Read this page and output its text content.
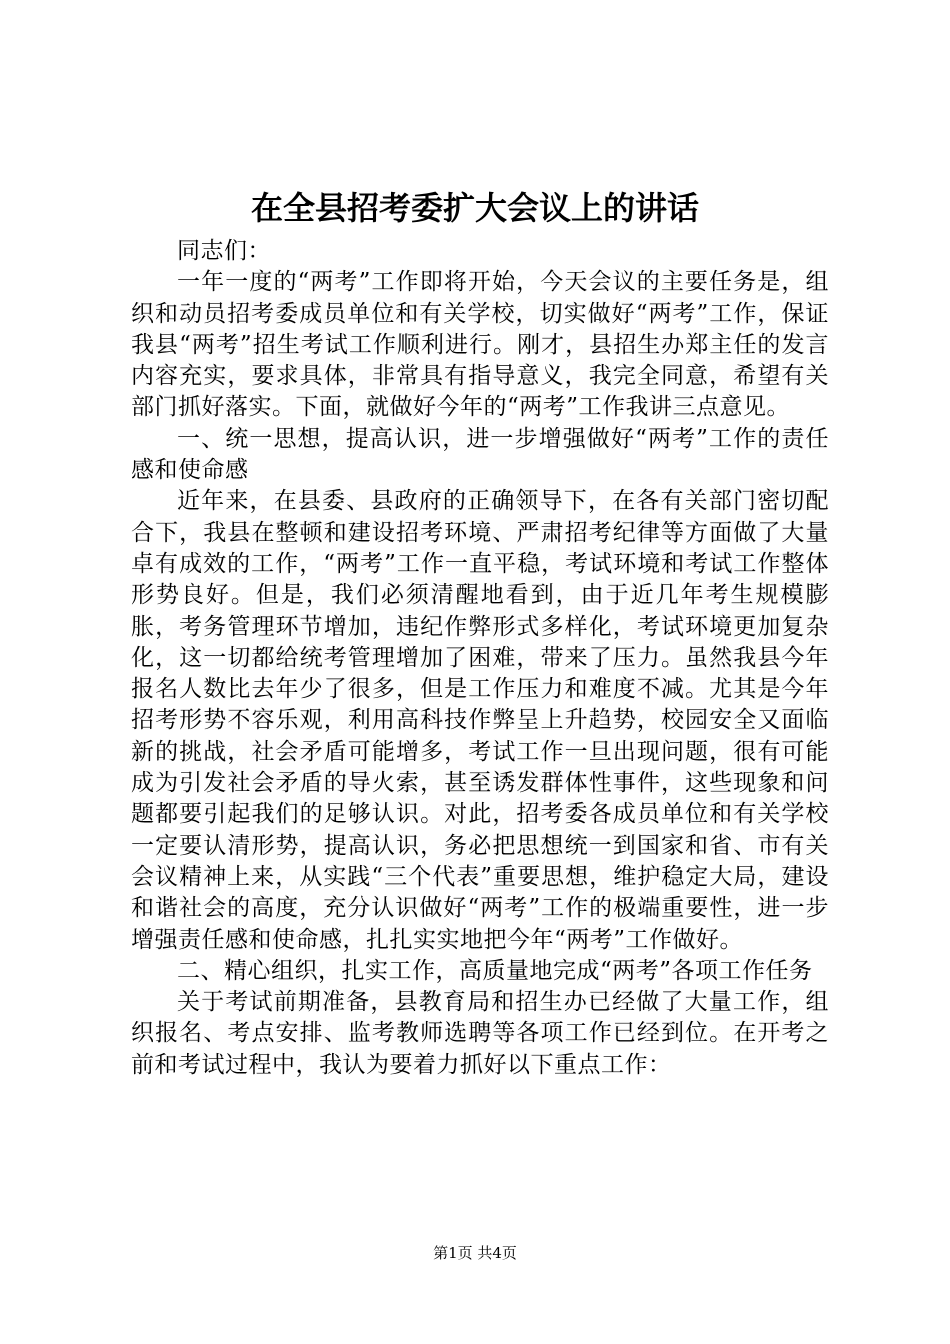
在全县招考委扩大会议上的讲话

同志们：

一年一度的“两考”工作即将开始，今天会议的主要任务是，组织和动员招考委成员单位和有关学校，切实做好“两考”工作，保证我县“两考”招生考试工作顺利进行。刚才，县招生办郑主任的发言内容充实，要求具体，非常具有指导意义，我完全同意，希望有关部门抓好落实。下面，就做好今年的“两考”工作我讲三点意见。

一、统一思想，提高认识，进一步增强做好“两考”工作的责任感和使命感

近年来，在县委、县政府的正确领导下，在各有关部门密切配合下，我县在整顿和建设招考环境、严肃招考纪律等方面做了大量卓有成效的工作，“两考”工作一直平稳，考试环境和考试工作整体形势良好。但是，我们必须清醒地看到，由于近几年考生规模膨胀，考务管理环节增加，违纪作弊形式多样化，考试环境更加复杂化，这一切都给统考管理增加了困难，带来了压力。虽然我县今年报名人数比去年少了很多，但是工作压力和难度不减。尤其是今年招考形势不容乐观，利用高科技作弊呈上升趋势，校园安全又面临新的挑战，社会矛盾可能增多，考试工作一旦出现问题，很有可能成为引发社会矛盾的导火索，甚至诱发群体性事件，这些现象和问题都要引起我们的足够认识。对此，招考委各成员单位和有关学校一定要认清形势，提高认识，务必把思想统一到国家和省、市有关会议精神上来，从实践“三个代表”重要思想，维护稳定大局，建设和谐社会的高度，充分认识做好“两考”工作的极端重要性，进一步增强责任感和使命感，扎扎实实地把今年“两考”工作做好。

二、精心组织，扎实工作，高质量地完成“两考”各项工作任务

关于考试前期准备，县教育局和招生办已经做了大量工作，组织报名、考点安排、监考教师选聘等各项工作已经到位。在开考之前和考试过程中，我认为要着力抓好以下重点工作：

第1页 共4页
